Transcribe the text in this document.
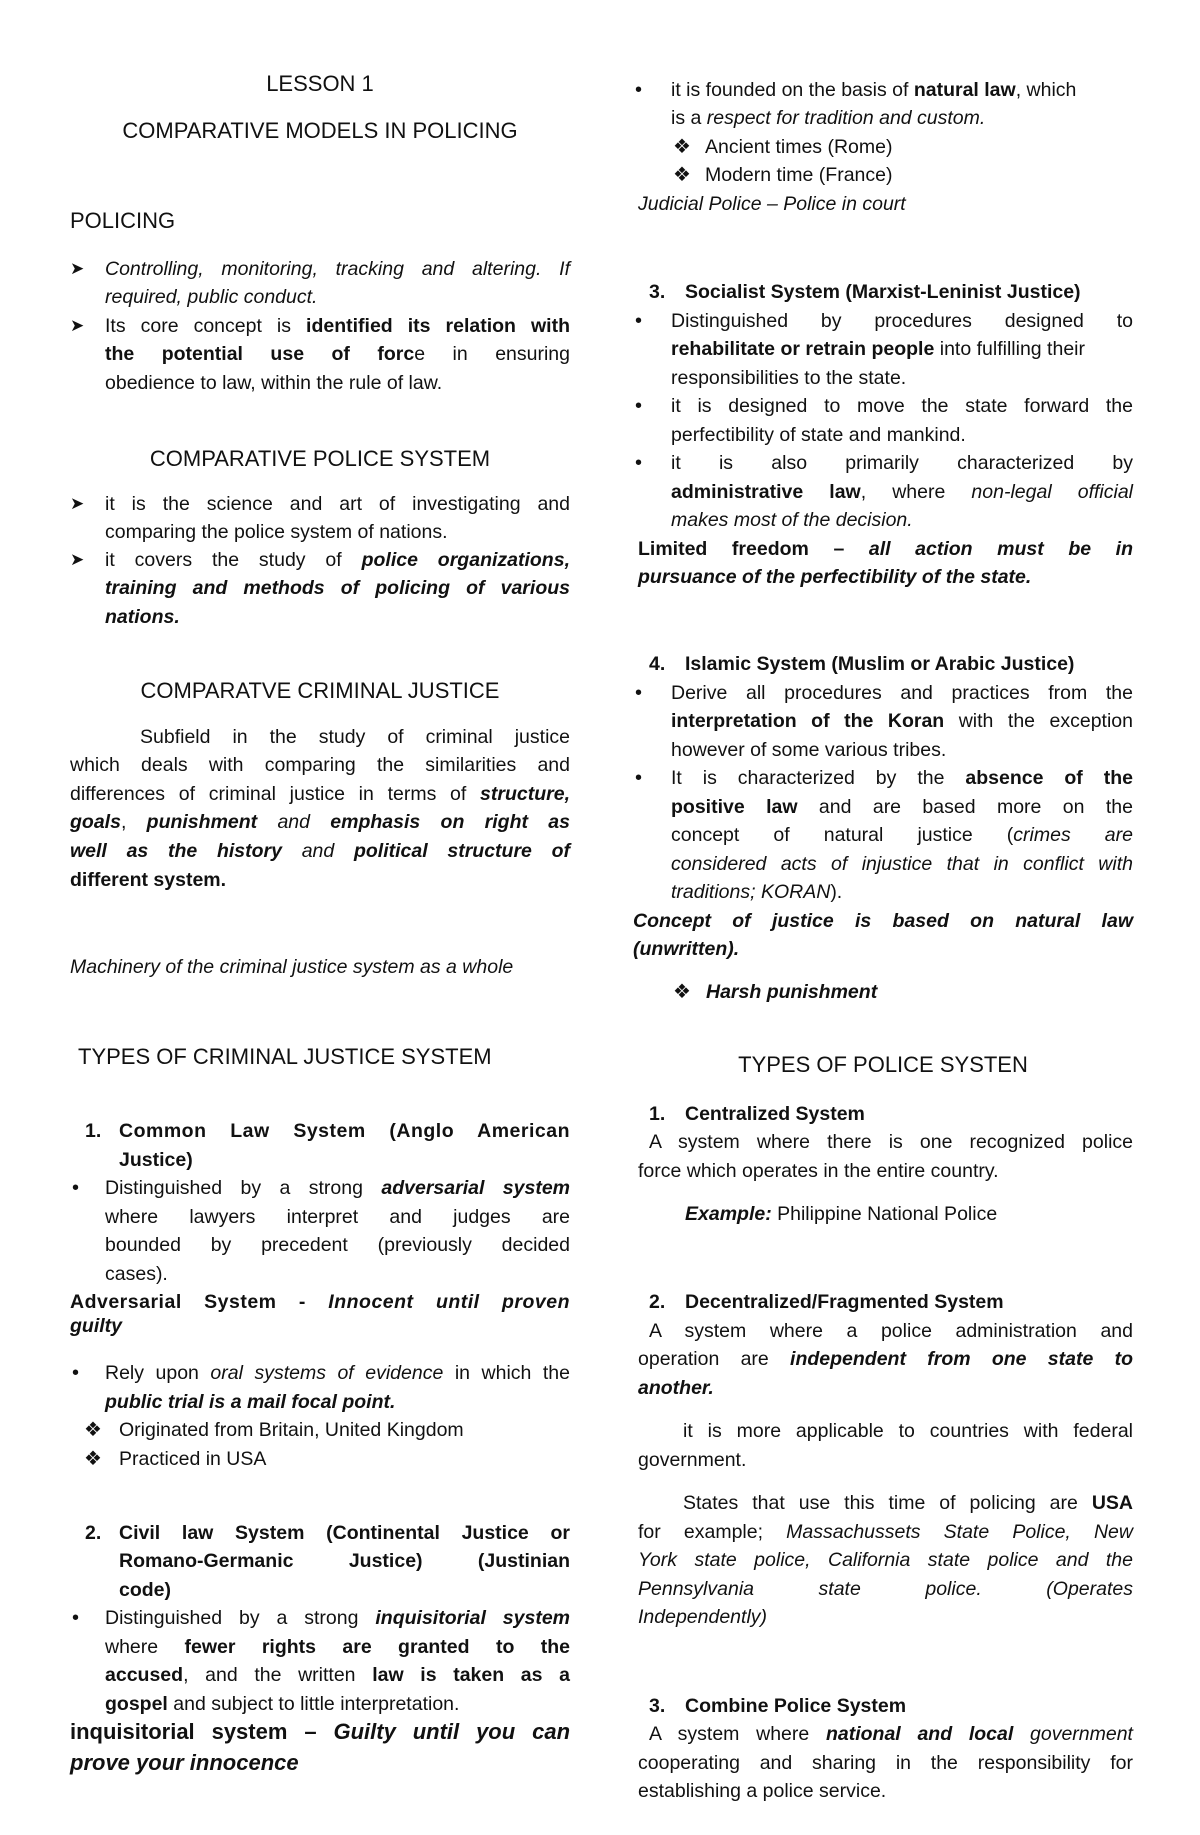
LESSON 1

COMPARATIVE MODELS IN POLICING

POLICING

➤ Controlling, monitoring, tracking and altering. If

required, public conduct.

➤ Its core concept is identified its relation with

the potential use of force in ensuring

obedience to law, within the rule of law.

COMPARATIVE POLICE SYSTEM

➤ it is the science and art of investigating and

comparing the police system of nations.

➤ it covers the study of police organizations,

training and methods of policing of various

nations.

COMPARATVE CRIMINAL JUSTICE

Subfield in the study of criminal justice

which deals with comparing the similarities and

differences of criminal justice in terms of structure,

goals, punishment and emphasis on right as

well as the history and political structure of

different system.

Machinery of the criminal justice system as a whole

TYPES OF CRIMINAL JUSTICE SYSTEM

1. Common Law System (Anglo American

Justice)

• Distinguished by a strong adversarial system

where lawyers interpret and judges are

bounded by precedent (previously decided

cases).

Adversarial System - Innocent until proven

guilty

• Rely upon oral systems of evidence in which the

public trial is a mail focal point.

❖ Originated from Britain, United Kingdom

❖ Practiced in USA

2. Civil law System (Continental Justice or

Romano-Germanic Justice) (Justinian

code)

• Distinguished by a strong inquisitorial system

where fewer rights are granted to the

accused, and the written law is taken as a

gospel and subject to little interpretation.

inquisitorial system – Guilty until you can

prove your innocence

• it is founded on the basis of natural law, which

is a respect for tradition and custom.

❖ Ancient times (Rome)

❖ Modern time (France)

Judicial Police – Police in court

3. Socialist System (Marxist-Leninist Justice)

• Distinguished by procedures designed to

rehabilitate or retrain people into fulfilling their

responsibilities to the state.

• it is designed to move the state forward the

perfectibility of state and mankind.

• it is also primarily characterized by

administrative law, where non-legal official

makes most of the decision.

Limited freedom – all action must be in

pursuance of the perfectibility of the state.

4. Islamic System (Muslim or Arabic Justice)

• Derive all procedures and practices from the

interpretation of the Koran with the exception

however of some various tribes.

• It is characterized by the absence of the

positive law and are based more on the

concept of natural justice (crimes are

considered acts of injustice that in conflict with

traditions; KORAN).

Concept of justice is based on natural law

(unwritten).

❖ Harsh punishment

TYPES OF POLICE SYSTEN

1. Centralized System

A system where there is one recognized police

force which operates in the entire country.

Example: Philippine National Police

2. Decentralized/Fragmented System

A system where a police administration and

operation are independent from one state to

another.

it is more applicable to countries with federal

government.

States that use this time of policing are USA

for example; Massachussets State Police, New

York state police, California state police and the

Pennsylvania state police. (Operates

Independently)

3. Combine Police System

A system where national and local government

cooperating and sharing in the responsibility for

establishing a police service.
